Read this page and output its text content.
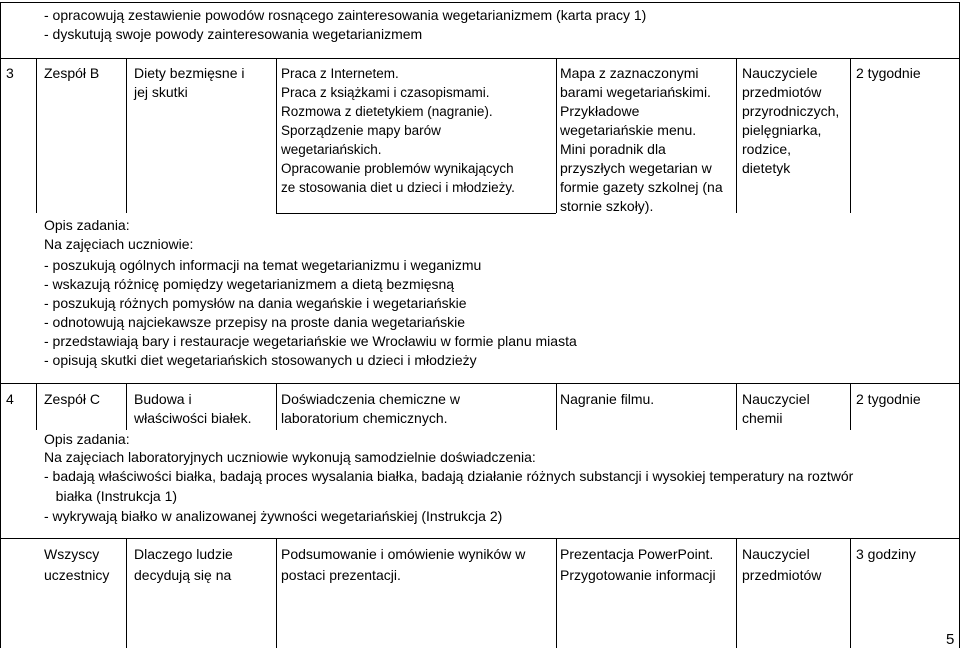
- opracowują zestawienie powodów rosnącego zainteresowania wegetarianizmem (karta pracy 1)
- dyskutują swoje powody zainteresowania wegetarianizmem
3 Zespół B Diety bezmięsne i
jej skutki
Praca z Internetem.
Praca z książkami i czasopismami.
Rozmowa z dietetykiem (nagranie).
Sporządzenie mapy barów
wegetariańskich.
Opracowanie problemów wynikających
ze stosowania diet u dzieci i młodzieży.
Mapa z zaznaczonymi
barami wegetariańskimi.
Przykładowe
wegetariańskie menu.
Mini poradnik dla
przyszłych wegetarian w
formie gazety szkolnej (na
stornie szkoły).
Nauczyciele
przedmiotów
przyrodniczych,
pielęgniarka,
rodzice,
dietetyk
2 tygodnie
Opis zadania:
Na zajęciach uczniowie:
- poszukują ogólnych informacji na temat wegetarianizmu i weganizmu
- wskazują różnicę pomiędzy wegetarianizmem a dietą bezmięsną
- poszukują różnych pomysłów na dania wegańskie i wegetariańskie
- odnotowują najciekawsze przepisy na proste dania wegetariańskie
- przedstawiają bary i restauracje wegetariańskie we Wrocławiu w formie planu miasta
- opisują skutki diet wegetariańskich stosowanych u dzieci i młodzieży
4 Zespół C Budowa i
właściwości białek.
Doświadczenia chemiczne w
laboratorium chemicznych.
Nagranie filmu.	Nauczyciel
chemii
2 tygodnie
Opis zadania:
Na zajęciach laboratoryjnych uczniowie wykonują samodzielnie doświadczenia:
- badają właściwości białka, badają proces wysalania białka, badają działanie różnych substancji i wysokiej temperatury na roztwór
białka (Instrukcja 1)
- wykrywają białko w analizowanej żywności wegetariańskiej (Instrukcja 2)
Wszyscy
uczestnicy
Dlaczego ludzie
decydują się na
Podsumowanie i omówienie wyników w
postaci prezentacji.
Prezentacja PowerPoint.
Przygotowanie informacji
Nauczyciel
przedmiotów
3 godziny
5
